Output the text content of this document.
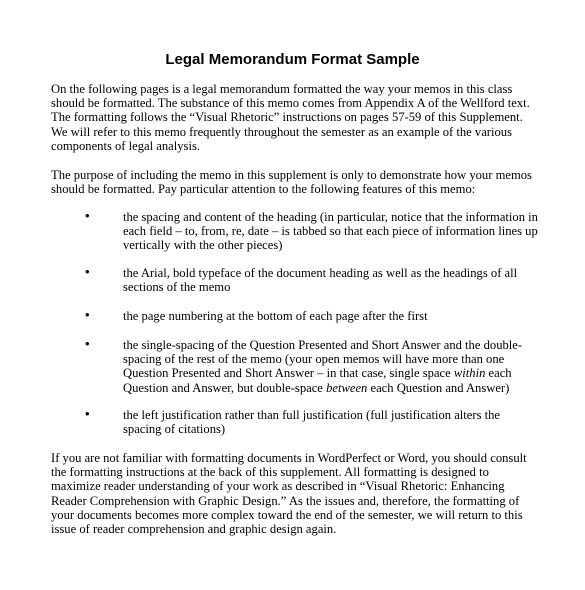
Legal Memorandum Format Sample

On the following pages is a legal memorandum formatted the way your memos in this class
should be formatted. The substance of this memo comes from Appendix A of the Wellford text.
The formatting follows the “Visual Rhetoric” instructions on pages 57-59 of this Supplement.
We will refer to this memo frequently throughout the semester as an example of the various
components of legal analysis.

The purpose of including the memo in this supplement is only to demonstrate how your memos
should be formatted. Pay particular attention to the following features of this memo:

•	the spacing and content of the heading (in particular, notice that the information in
each field – to, from, re, date – is tabbed so that each piece of information lines up
vertically with the other pieces)
•	the Arial, bold typeface of the document heading as well as the headings of all
sections of the memo
•	the page numbering at the bottom of each page after the first
•	the single-spacing of the Question Presented and Short Answer and the double-
spacing of the rest of the memo (your open memos will have more than one
Question Presented and Short Answer – in that case, single space within each
Question and Answer, but double-space between each Question and Answer)
•	the left justification rather than full justification (full justification alters the
spacing of citations)

If you are not familiar with formatting documents in WordPerfect or Word, you should consult
the formatting instructions at the back of this supplement. All formatting is designed to
maximize reader understanding of your work as described in “Visual Rhetoric: Enhancing
Reader Comprehension with Graphic Design.” As the issues and, therefore, the formatting of
your documents becomes more complex toward the end of the semester, we will return to this
issue of reader comprehension and graphic design again.
